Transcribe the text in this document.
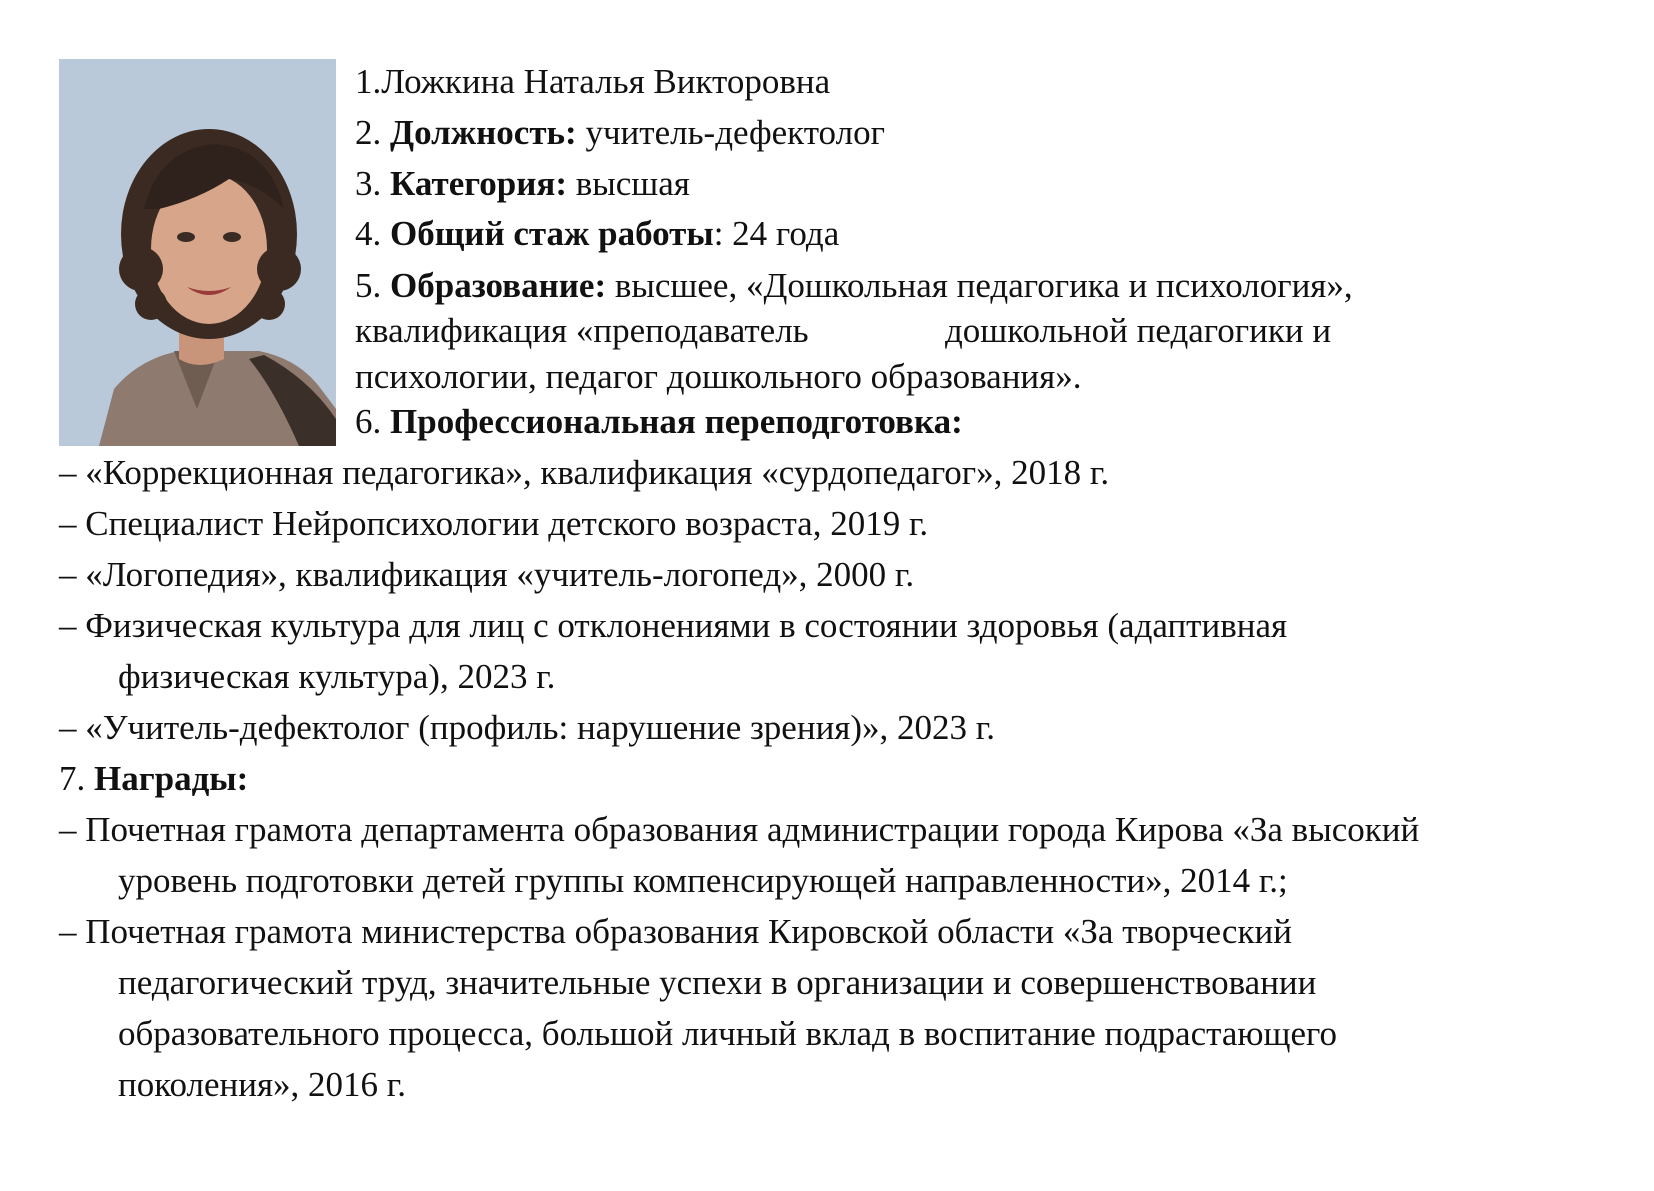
1.Ложкина Наталья Викторовна
2. Должность: учитель-дефектолог
3. Категория: высшая
4. Общий стаж работы: 24 года
5. Образование: высшее, «Дошкольная педагогика и психология»,
квалификация «преподаватель	дошкольной педагогики и
психологии, педагог дошкольного образования».
6. Профессиональная переподготовка:
– «Коррекционная педагогика», квалификация «сурдопедагог», 2018 г.
– Специалист Нейропсихологии детского возраста, 2019 г.
– «Логопедия», квалификация «учитель-логопед», 2000 г.
– Физическая культура для лиц с отклонениями в состоянии здоровья (адаптивная
физическая культура), 2023 г.
– «Учитель-дефектолог (профиль: нарушение зрения)», 2023 г.
7. Награды:
– Почетная грамота департамента образования администрации города Кирова «За высокий
уровень подготовки детей группы компенсирующей направленности», 2014 г.;
– Почетная грамота министерства образования Кировской области «За творческий
педагогический труд, значительные успехи в организации и совершенствовании
образовательного процесса, большой личный вклад в воспитание подрастающего
поколения», 2016 г.
